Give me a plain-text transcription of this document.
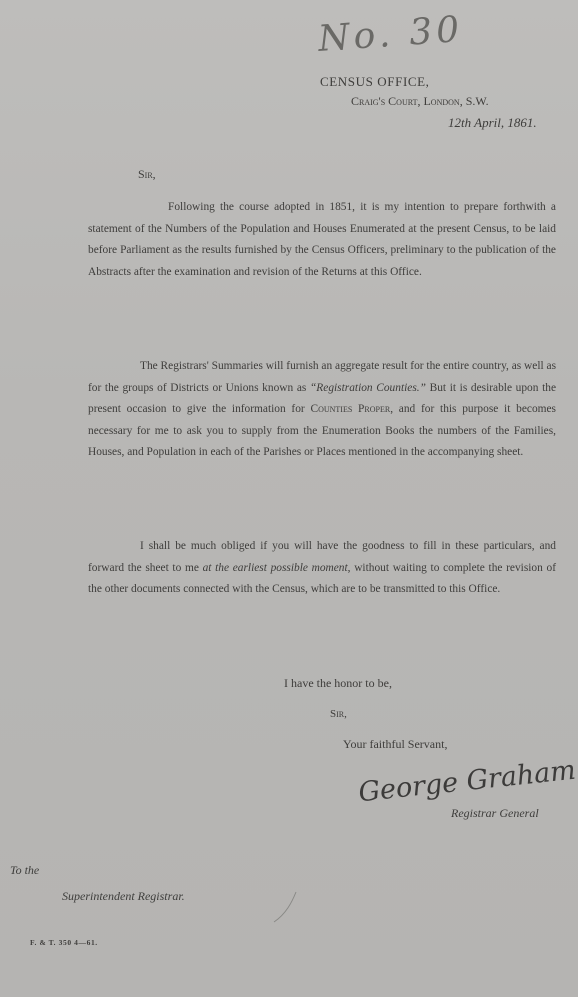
No. 30
CENSUS OFFICE,
Craig's Court, London, S.W.
12th April, 1861.
Sir,
Following the course adopted in 1851, it is my intention to prepare forthwith a statement of the Numbers of the Population and Houses Enumerated at the present Census, to be laid before Parliament as the results furnished by the Census Officers, preliminary to the publication of the Abstracts after the examination and revision of the Returns at this Office.
The Registrars' Summaries will furnish an aggregate result for the entire country, as well as for the groups of Districts or Unions known as “Registration Counties.” But it is desirable upon the present occasion to give the information for Counties Proper, and for this purpose it becomes necessary for me to ask you to supply from the Enumeration Books the numbers of the Families, Houses, and Population in each of the Parishes or Places mentioned in the accompanying sheet.
I shall be much obliged if you will have the goodness to fill in these particulars, and forward the sheet to me at the earliest possible moment, without waiting to complete the revision of the other documents connected with the Census, which are to be transmitted to this Office.
I have the honor to be,
Sir,
Your faithful Servant,
George Graham
Registrar General
To the
Superintendent Registrar.
F. & T. 350 4—61.
